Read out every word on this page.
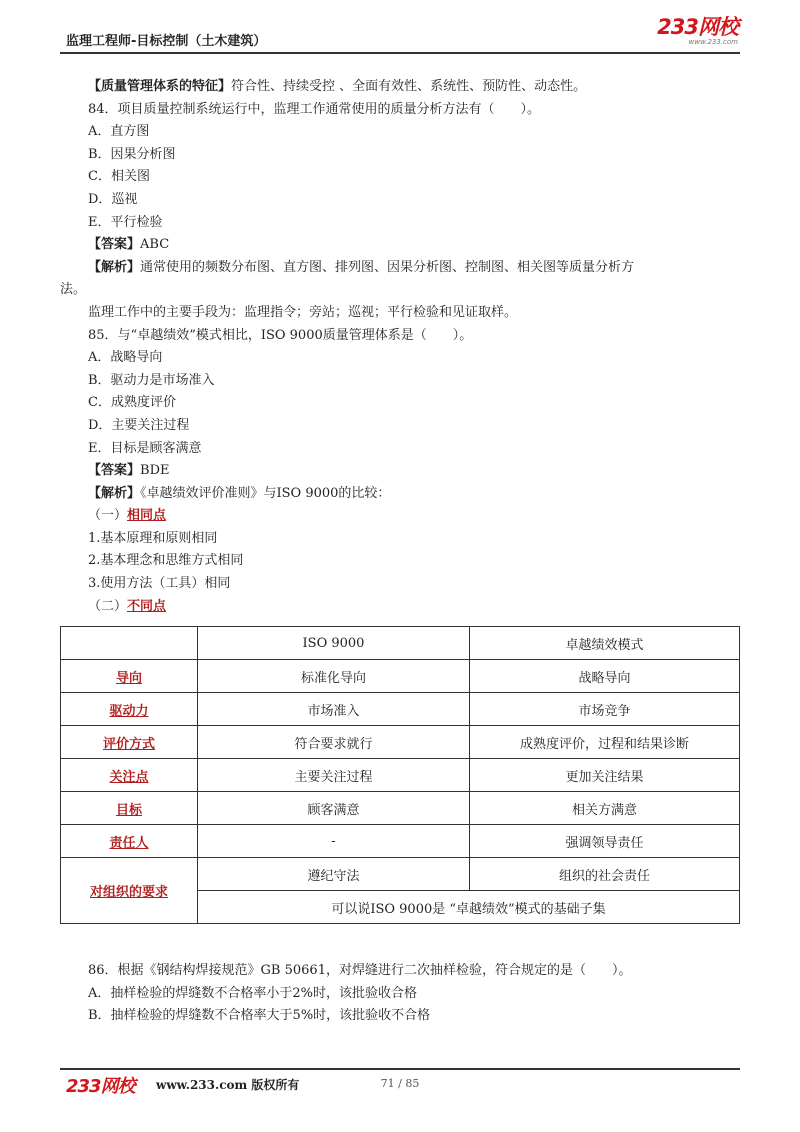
监理工程师-目标控制（土木建筑）
233网校
www.233.com
【质量管理体系的特征】符合性、持续受控 、全面有效性、系统性、预防性、动态性。
84．项目质量控制系统运行中，监理工作通常使用的质量分析方法有（　　）。
A．直方图
B．因果分析图
C．相关图
D．巡视
E．平行检验
【答案】ABC
【解析】通常使用的频数分布图、直方图、排列图、因果分析图、控制图、相关图等质量分析方
法。
监理工作中的主要手段为：监理指令；旁站；巡视；平行检验和见证取样。
85．与“卓越绩效”模式相比，ISO 9000质量管理体系是（　　）。
A．战略导向
B．驱动力是市场准入
C．成熟度评价
D．主要关注过程
E．目标是顾客满意
【答案】BDE
【解析】《卓越绩效评价准则》与ISO 9000的比较：
（一）相同点
1.基本原理和原则相同
2.基本理念和思维方式相同
3.使用方法（工具）相同
（二）不同点
	ISO 9000	卓越绩效模式
导向	标准化导向	战略导向
驱动力	市场准入	市场竞争
评价方式	符合要求就行	成熟度评价，过程和结果诊断
关注点	主要关注过程	更加关注结果
目标	顾客满意	相关方满意
责任人	-	强调领导责任
对组织的要求	遵纪守法	组织的社会责任
	可以说ISO 9000是 “卓越绩效”模式的基础子集	
86．根据《钢结构焊接规范》GB 50661，对焊缝进行二次抽样检验，符合规定的是（　　）。
A．抽样检验的焊缝数不合格率小于2%时，该批验收合格
B．抽样检验的焊缝数不合格率大于5%时，该批验收不合格
233网校 www.233.com 版权所有	71 / 85
